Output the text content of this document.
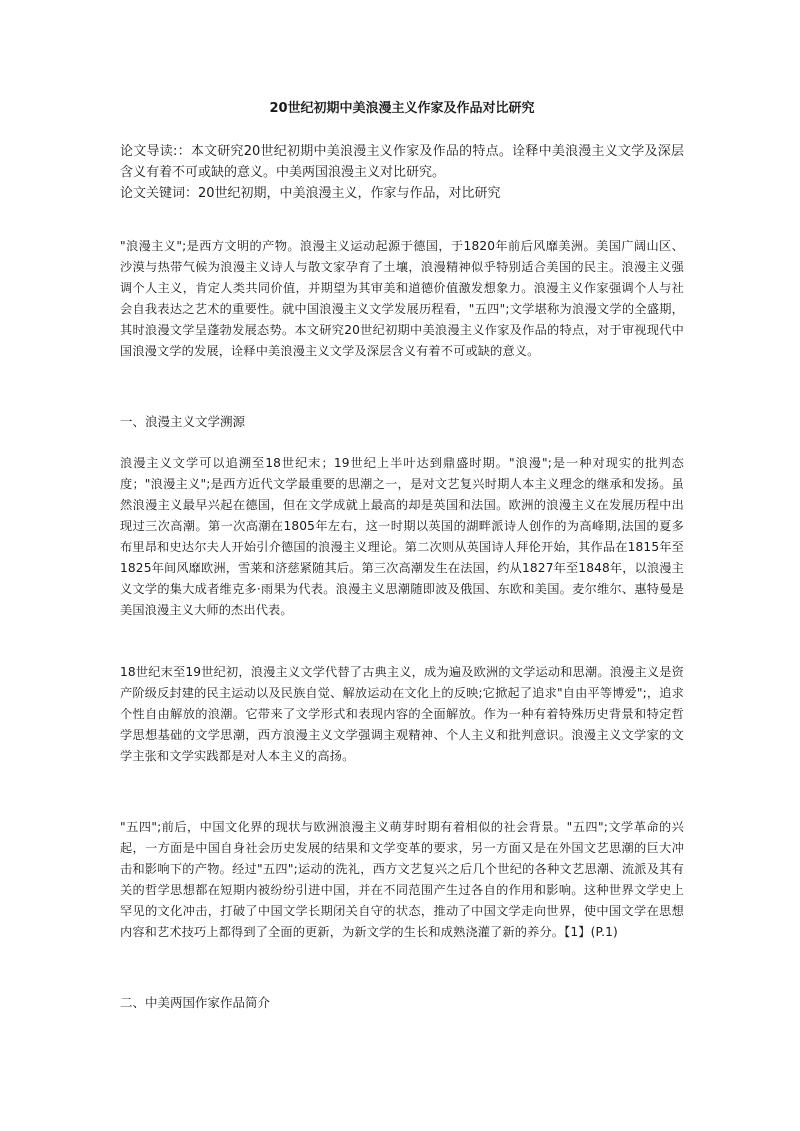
20世纪初期中美浪漫主义作家及作品对比研究

论文导读:：本文研究20世纪初期中美浪漫主义作家及作品的特点。诠释中美浪漫主义文学及深层含义有着不可或缺的意义。中美两国浪漫主义对比研究。

论文关键词：20世纪初期，中美浪漫主义，作家与作品，对比研究

"浪漫主义";是西方文明的产物。浪漫主义运动起源于德国，于1820年前后风靡美洲。美国广阔山区、沙漠与热带气候为浪漫主义诗人与散文家孕育了土壤，浪漫精神似乎特别适合美国的民主。浪漫主义强调个人主义，肯定人类共同价值，并期望为其审美和道德价值激发想象力。浪漫主义作家强调个人与社会自我表达之艺术的重要性。就中国浪漫主义文学发展历程看，"五四";文学堪称为浪漫文学的全盛期，其时浪漫文学呈蓬勃发展态势。本文研究20世纪初期中美浪漫主义作家及作品的特点，对于审视现代中国浪漫文学的发展，诠释中美浪漫主义文学及深层含义有着不可或缺的意义。

一、浪漫主义文学溯源

浪漫主义文学可以追溯至18世纪末；19世纪上半叶达到鼎盛时期。"浪漫";是一种对现实的批判态度；"浪漫主义";是西方近代文学最重要的思潮之一，是对文艺复兴时期人本主义理念的继承和发扬。虽然浪漫主义最早兴起在德国，但在文学成就上最高的却是英国和法国。欧洲的浪漫主义在发展历程中出现过三次高潮。第一次高潮在1805年左右，这一时期以英国的湖畔派诗人创作的为高峰期,法国的夏多布里昂和史达尔夫人开始引介德国的浪漫主义理论。第二次则从英国诗人拜伦开始，其作品在1815年至1825年间风靡欧洲，雪莱和济慈紧随其后。第三次高潮发生在法国，约从1827年至1848年，以浪漫主义文学的集大成者维克多·雨果为代表。浪漫主义思潮随即波及俄国、东欧和美国。麦尔维尔、惠特曼是美国浪漫主义大师的杰出代表。

18世纪末至19世纪初，浪漫主义文学代替了古典主义，成为遍及欧洲的文学运动和思潮。浪漫主义是资产阶级反封建的民主运动以及民族自觉、解放运动在文化上的反映;它掀起了追求"自由平等博爱";，追求个性自由解放的浪潮。它带来了文学形式和表现内容的全面解放。作为一种有着特殊历史背景和特定哲学思想基础的文学思潮，西方浪漫主义文学强调主观精神、个人主义和批判意识。浪漫主义文学家的文学主张和文学实践都是对人本主义的高扬。

"五四";前后，中国文化界的现状与欧洲浪漫主义萌芽时期有着相似的社会背景。"五四";文学革命的兴起，一方面是中国自身社会历史发展的结果和文学变革的要求，另一方面又是在外国文艺思潮的巨大冲击和影响下的产物。经过"五四";运动的洗礼，西方文艺复兴之后几个世纪的各种文艺思潮、流派及其有关的哲学思想都在短期内被纷纷引进中国，并在不同范围产生过各自的作用和影响。这种世界文学史上罕见的文化冲击，打破了中国文学长期闭关自守的状态，推动了中国文学走向世界，使中国文学在思想内容和艺术技巧上都得到了全面的更新，为新文学的生长和成熟浇灌了新的养分。【1】(P.1)

二、中美两国作家作品简介
